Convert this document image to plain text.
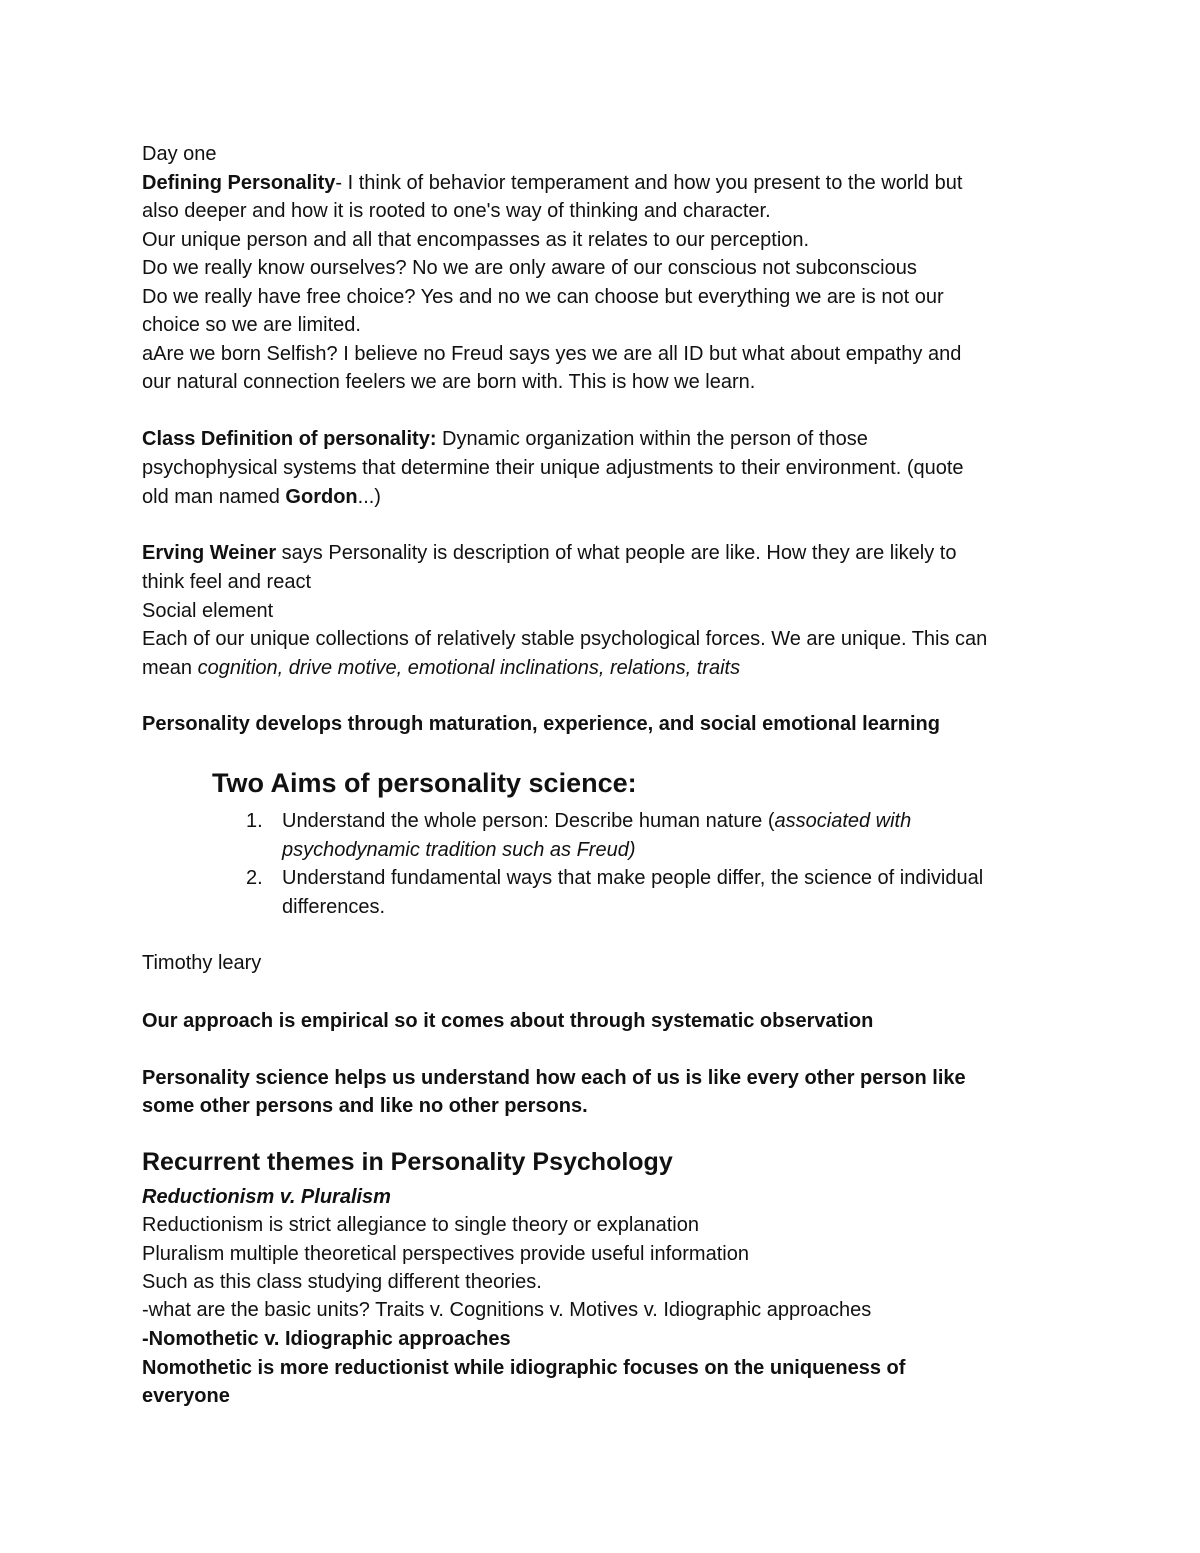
Day one
Defining Personality- I think of behavior temperament and how you present to the world but
also deeper and how it is rooted to one's way of thinking and character.
Our unique person and all that encompasses as it relates to our perception.
Do we really know ourselves? No we are only aware of our conscious not subconscious
Do we really have free choice? Yes and no we can choose but everything we are is not our
choice so we are limited.
aAre we born Selfish? I believe no Freud says yes we are all ID but what about empathy and
our natural connection feelers we are born with. This is how we learn.
Class Definition of personality: Dynamic organization within the person of those
psychophysical systems that determine their unique adjustments to their environment. (quote
old man named Gordon...)
Erving Weiner says Personality is description of what people are like. How they are likely to
think feel and react
Social element
Each of our unique collections of relatively stable psychological forces. We are unique. This can
mean cognition, drive motive, emotional inclinations, relations, traits
Personality develops through maturation, experience, and social emotional learning
Two Aims of personality science:
1. Understand the whole person: Describe human nature (associated with
psychodynamic tradition such as Freud)
2. Understand fundamental ways that make people differ, the science of individual
differences.
Timothy leary
Our approach is empirical so it comes about through systematic observation
Personality science helps us understand how each of us is like every other person like
some other persons and like no other persons.
Recurrent themes in Personality Psychology
Reductionism v. Pluralism
Reductionism is strict allegiance to single theory or explanation
Pluralism multiple theoretical perspectives provide useful information
Such as this class studying different theories.
-what are the basic units? Traits v. Cognitions v. Motives v. Idiographic approaches
-Nomothetic v. Idiographic approaches
Nomothetic is more reductionist while idiographic focuses on the uniqueness of
everyone
